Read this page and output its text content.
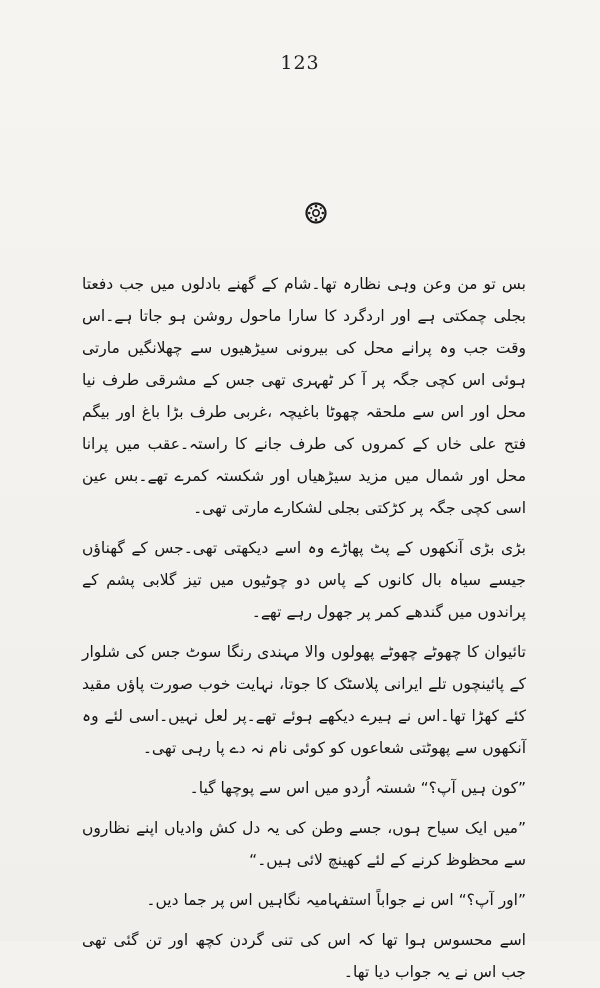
123

بس تو من وعن وہی نظارہ تھا۔شام کے گھنے بادلوں میں جب دفعتا بجلی چمکتی ہے اور اردگرد کا سارا ماحول روشن ہو جاتا ہے۔اس وقت جب وہ پرانے محل کی بیرونی سیڑھیوں سے چھلانگیں مارتی ہوئی اس کچی جگہ پر آ کر ٹھہری تھی جس کے مشرقی طرف نیا محل اور اس سے ملحقہ چھوٹا باغیچہ ،غربی طرف بڑا باغ اور بیگم فتح علی خاں کے کمروں کی طرف جانے کا راستہ۔عقب میں پرانا محل اور شمال میں مزید سیڑھیاں اور شکستہ کمرے تھے۔بس عین اسی کچی جگہ پر کڑکتی بجلی لشکارے مارتی تھی۔

بڑی بڑی آنکھوں کے پٹ پھاڑے وہ اسے دیکھتی تھی۔جس کے گھناؤں جیسے سیاہ بال کانوں کے پاس دو چوٹیوں میں تیز گلابی پشم کے پراندوں میں گندھے کمر پر جھول رہے تھے۔

تائیوان کا چھوٹے چھوٹے پھولوں والا مہندی رنگا سوٹ جس کی شلوار کے پائینچوں تلے ایرانی پلاسٹک کا جوتا، نہایت خوب صورت پاؤں مقید کئے کھڑا تھا۔اس نے ہیرے دیکھے ہوئے تھے۔پر لعل نہیں۔اسی لئے وہ آنکھوں سے پھوٹتی شعاعوں کو کوئی نام نہ دے پا رہی تھی۔

”کون ہیں آپ؟“ شستہ اُردو میں اس سے پوچھا گیا۔

”میں ایک سیاح ہوں، جسے وطن کی یہ دل کش وادیاں اپنے نظاروں سے محظوظ کرنے کے لئے کھینچ لائی ہیں۔“

”اور آپ؟“ اس نے جواباً استفہامیہ نگاہیں اس پر جما دیں۔

اسے محسوس ہوا تھا کہ اس کی تنی گردن کچھ اور تن گئی تھی جب اس نے یہ جواب دیا تھا۔
